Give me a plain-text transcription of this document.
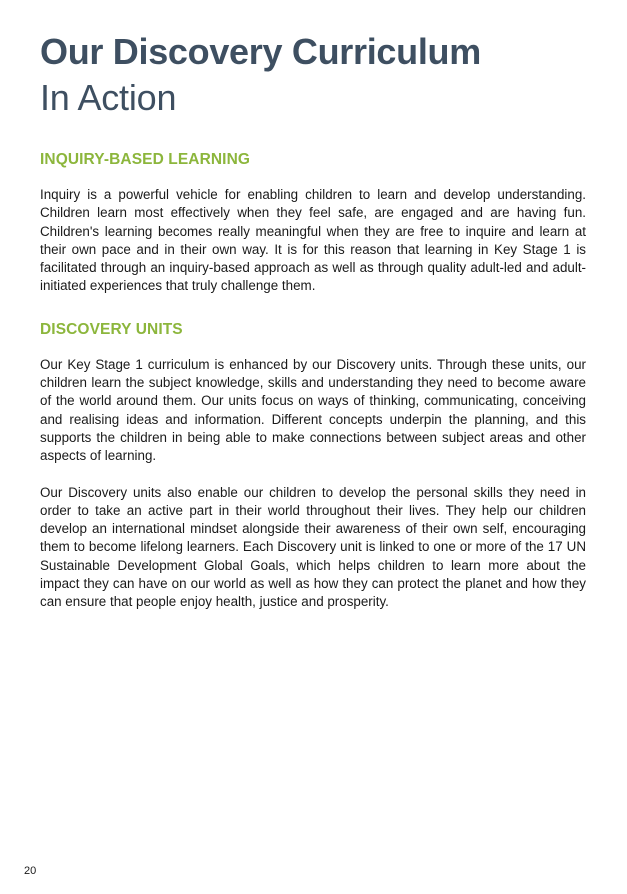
Our Discovery Curriculum
In Action
INQUIRY-BASED LEARNING

Inquiry is a powerful vehicle for enabling children to learn and develop understanding. Children learn most effectively when they feel safe, are engaged and are having fun. Children's learning becomes really meaningful when they are free to inquire and learn at their own pace and in their own way. It is for this reason that learning in Key Stage 1 is facilitated through an inquiry-based approach as well as through quality adult-led and adult-initiated experiences that truly challenge them.

DISCOVERY UNITS

Our Key Stage 1 curriculum is enhanced by our Discovery units. Through these units, our children learn the subject knowledge, skills and understanding they need to become aware of the world around them. Our units focus on ways of thinking, communicating, conceiving and realising ideas and information. Different concepts underpin the planning, and this supports the children in being able to make connections between subject areas and other aspects of learning.

Our Discovery units also enable our children to develop the personal skills they need in order to take an active part in their world throughout their lives. They help our children develop an international mindset alongside their awareness of their own self, encouraging them to become lifelong learners. Each Discovery unit is linked to one or more of the 17 UN Sustainable Development Global Goals, which helps children to learn more about the impact they can have on our world as well as how they can protect the planet and how they can ensure that people enjoy health, justice and prosperity.

20
